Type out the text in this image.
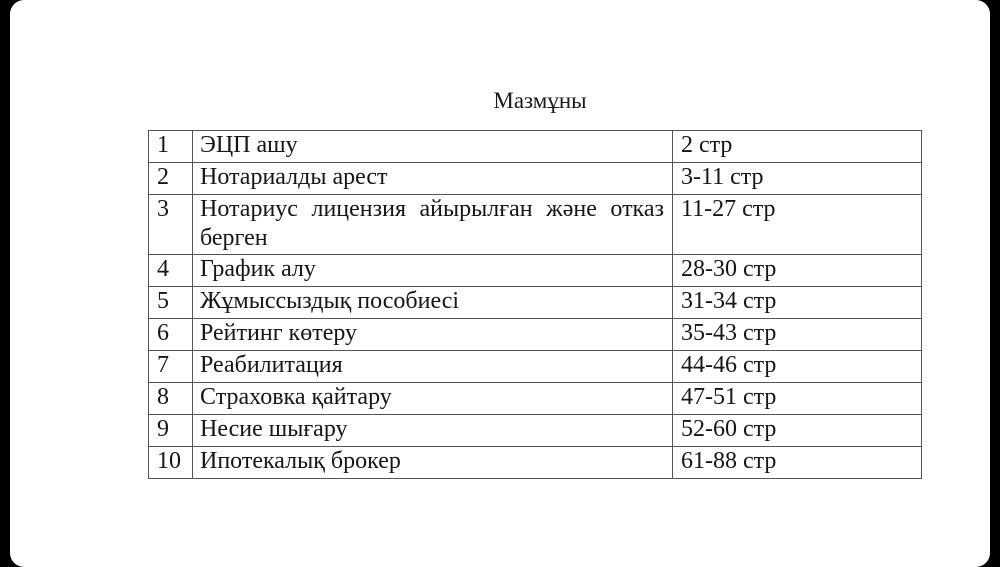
Мазмұны
1	ЭЦП ашу	2 стр
2	Нотариалды арест	3-11 стр
3	Нотариус лицензия айырылған және отказ берген	11-27 стр
4	График алу	28-30 стр
5	Жұмыссыздық пособиесі	31-34 стр
6	Рейтинг көтеру	35-43 стр
7	Реабилитация	44-46 стр
8	Страховка қайтару	47-51 стр
9	Несие шығару	52-60 стр
10	Ипотекалық брокер	61-88 стр
